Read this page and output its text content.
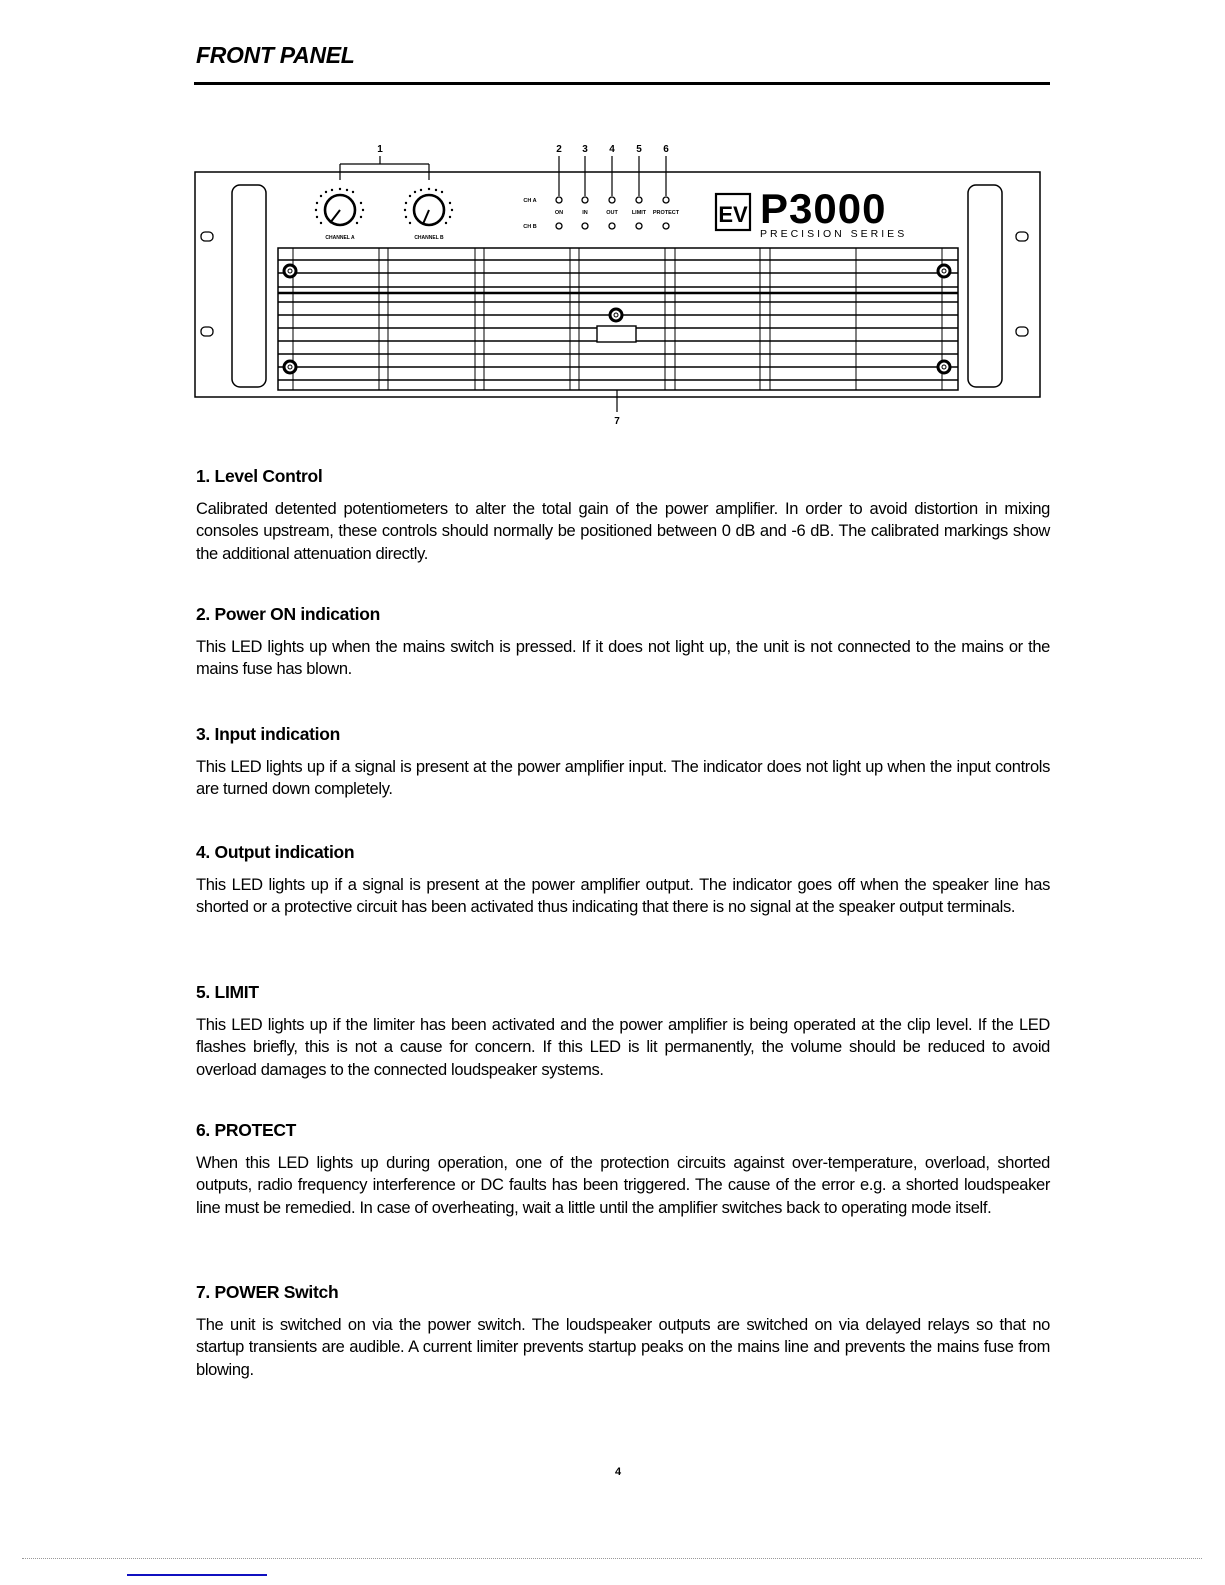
FRONT PANEL
1	2 3 4 5 6
7
CHANNEL A	CHANNEL B
CH A
CH B
ON	IN	OUT	LIMIT PROTECT EV P3000
PRECISION SERIES
1. Level Control

Calibrated detented potentiometers to alter the total gain of the power amplifier. In order to avoid distortion in mixing consoles upstream, these controls should normally be positioned between 0 dB and -6 dB. The calibrated markings show the additional attenuation directly.

2. Power ON indication

This LED lights up when the mains switch is pressed. If it does not light up, the unit is not connected to the mains or the mains fuse has blown.

3. Input indication

This LED lights up if a signal is present at the power amplifier input. The indicator does not light up when the input controls are turned down completely.

4. Output indication

This LED lights up if a signal is present at the power amplifier output. The indicator goes off when the speaker line has shorted or a protective circuit has been activated thus indicating that there is no signal at the speaker output terminals.

5. LIMIT

This LED lights up if the limiter has been activated and the power amplifier is being operated at the clip level. If the LED flashes briefly, this is not a cause for concern. If this LED is lit permanently, the volume should be reduced to avoid overload damages to the connected loudspeaker systems.

6. PROTECT

When this LED lights up during operation, one of the protection circuits against over-temperature, overload, shorted outputs, radio frequency interference or DC faults has been triggered. The cause of the error e.g. a shorted loudspeaker line must be remedied. In case of overheating, wait a little until the amplifier switches back to operating mode itself.

7. POWER Switch

The unit is switched on via the power switch. The loudspeaker outputs are switched on via delayed relays so that no startup transients are audible. A current limiter prevents startup peaks on the mains line and prevents the mains fuse from blowing.

4
